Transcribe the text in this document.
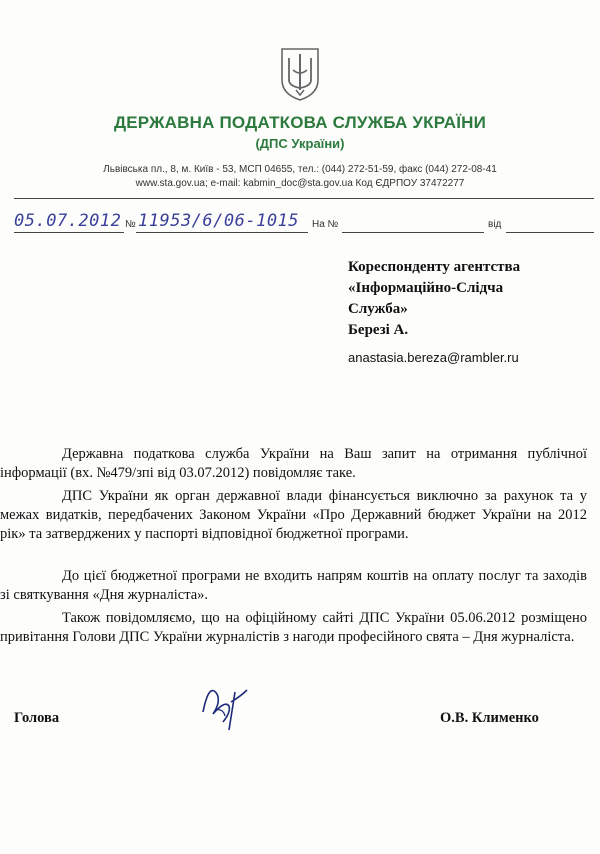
ДЕРЖАВНА ПОДАТКОВА СЛУЖБА УКРАЇНИ
(ДПС України)
Львівська пл., 8, м. Київ - 53, МСП 04655, тел.: (044) 272-51-59, факс (044) 272-08-41
www.sta.gov.ua; e-mail: kabmin_doc@sta.gov.ua Код ЄДРПОУ 37472277
05.07.2012 № 11953/6/06-1015 На №	від
Кореспонденту агентства
«Інформаційно-Слідча
Служба»
Березі А.
anastasia.bereza@rambler.ru
Державна податкова служба України на Ваш запит на отримання публічної інформації (вх. №479/зпі від 03.07.2012) повідомляє таке.
ДПС України як орган державної влади фінансується виключно за рахунок та у межах видатків, передбачених Законом України «Про Державний бюджет України на 2012 рік» та затверджених у паспорті відповідної бюджетної програми.
До цієї бюджетної програми не входить напрям коштів на оплату послуг та заходів зі святкування «Дня журналіста».
Також повідомляємо, що на офіційному сайті ДПС України 05.06.2012 розміщено привітання Голови ДПС України журналістів з нагоди професійного свята – Дня журналіста.
Голова	О.В. Клименко
